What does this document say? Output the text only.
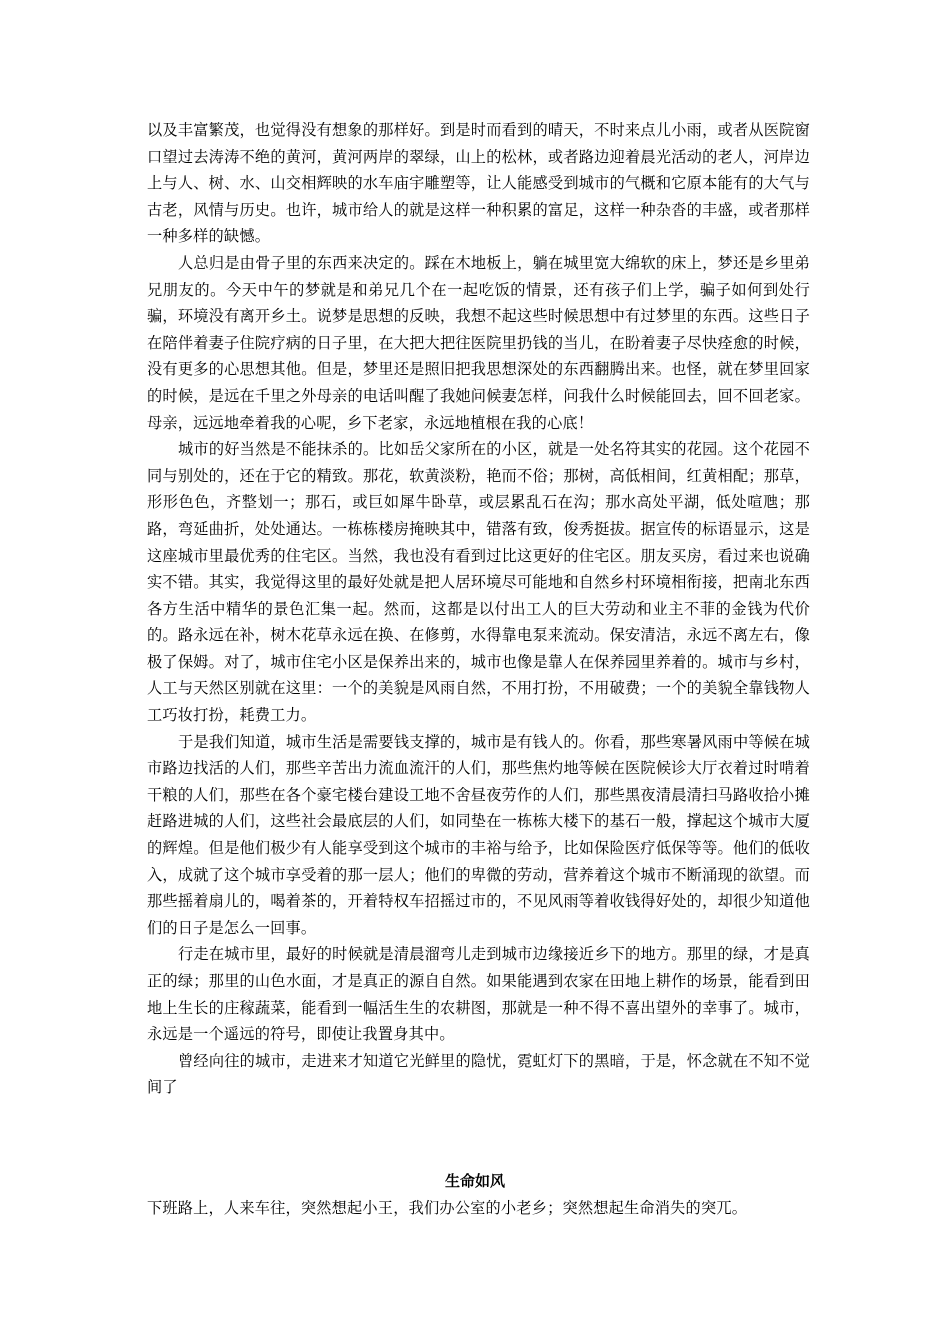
以及丰富繁茂，也觉得没有想象的那样好。到是时而看到的晴天，不时来点儿小雨，或者从医院窗口望过去涛涛不绝的黄河，黄河两岸的翠绿，山上的松林，或者路边迎着晨光活动的老人，河岸边上与人、树、水、山交相辉映的水车庙宇雕塑等，让人能感受到城市的气概和它原本能有的大气与古老，风情与历史。也许，城市给人的就是这样一种积累的富足，这样一种杂沓的丰盛，或者那样一种多样的缺憾。

人总归是由骨子里的东西来决定的。踩在木地板上，躺在城里宽大绵软的床上，梦还是乡里弟兄朋友的。今天中午的梦就是和弟兄几个在一起吃饭的情景，还有孩子们上学，骗子如何到处行骗，环境没有离开乡土。说梦是思想的反映，我想不起这些时候思想中有过梦里的东西。这些日子在陪伴着妻子住院疗病的日子里，在大把大把往医院里扔钱的当儿，在盼着妻子尽快痊愈的时候，没有更多的心思想其他。但是，梦里还是照旧把我思想深处的东西翻腾出来。也怪，就在梦里回家的时候，是远在千里之外母亲的电话叫醒了我她问候妻怎样，问我什么时候能回去，回不回老家。母亲，远远地牵着我的心呢，乡下老家，永远地植根在我的心底！

城市的好当然是不能抹杀的。比如岳父家所在的小区，就是一处名符其实的花园。这个花园不同与别处的，还在于它的精致。那花，软黄淡粉，艳而不俗；那树，高低相间，红黄相配；那草，形形色色，齐整划一；那石，或巨如犀牛卧草，或层累乱石在沟；那水高处平湖，低处喧虺；那路，弯延曲折，处处通达。一栋栋楼房掩映其中，错落有致，俊秀挺拔。据宣传的标语显示，这是这座城市里最优秀的住宅区。当然，我也没有看到过比这更好的住宅区。朋友买房，看过来也说确实不错。其实，我觉得这里的最好处就是把人居环境尽可能地和自然乡村环境相衔接，把南北东西各方生活中精华的景色汇集一起。然而，这都是以付出工人的巨大劳动和业主不菲的金钱为代价的。路永远在补，树木花草永远在换、在修剪，水得靠电泵来流动。保安清洁，永远不离左右，像极了保姆。对了，城市住宅小区是保养出来的，城市也像是靠人在保养园里养着的。城市与乡村，人工与天然区别就在这里：一个的美貌是风雨自然，不用打扮，不用破费；一个的美貌全靠钱物人工巧妆打扮，耗费工力。

于是我们知道，城市生活是需要钱支撑的，城市是有钱人的。你看，那些寒暑风雨中等候在城市路边找活的人们，那些辛苦出力流血流汗的人们，那些焦灼地等候在医院候诊大厅衣着过时啃着干粮的人们，那些在各个豪宅楼台建设工地不舍昼夜劳作的人们，那些黑夜清晨清扫马路收拾小摊赶路进城的人们，这些社会最底层的人们，如同垫在一栋栋大楼下的基石一般，撑起这个城市大厦的辉煌。但是他们极少有人能享受到这个城市的丰裕与给予，比如保险医疗低保等等。他们的低收入，成就了这个城市享受着的那一层人；他们的卑微的劳动，营养着这个城市不断涌现的欲望。而那些摇着扇儿的，喝着茶的，开着特权车招摇过市的，不见风雨等着收钱得好处的，却很少知道他们的日子是怎么一回事。

行走在城市里，最好的时候就是清晨溜弯儿走到城市边缘接近乡下的地方。那里的绿，才是真正的绿；那里的山色水面，才是真正的源自自然。如果能遇到农家在田地上耕作的场景，能看到田地上生长的庄稼蔬菜，能看到一幅活生生的农耕图，那就是一种不得不喜出望外的幸事了。城市，永远是一个遥远的符号，即使让我置身其中。

曾经向往的城市，走进来才知道它光鲜里的隐忧，霓虹灯下的黑暗，于是，怀念就在不知不觉间了

生命如风

下班路上，人来车往，突然想起小王，我们办公室的小老乡；突然想起生命消失的突兀。
